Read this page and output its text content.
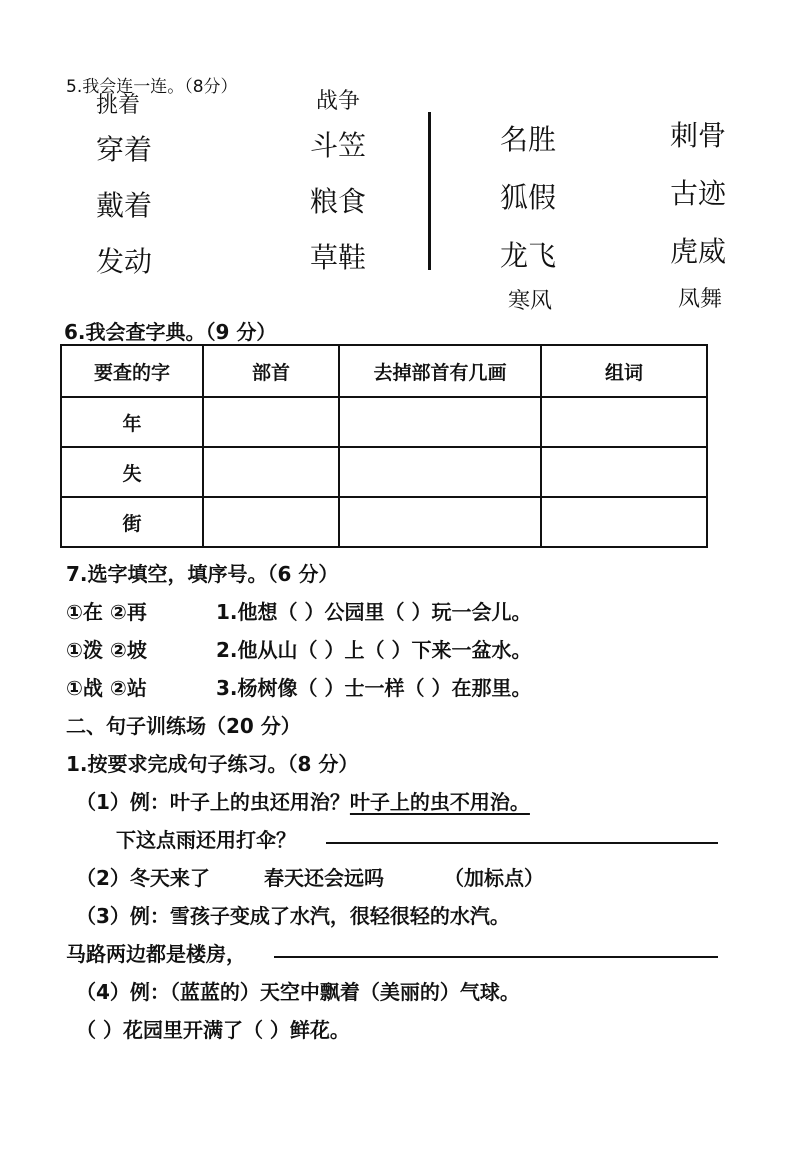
5.我会连一连。（8分）
挑着
穿着
戴着
发动
战争
斗笠
粮食
草鞋
名胜
狐假
龙飞
寒风
刺骨
古迹
虎威
凤舞
6.我会查字典。（9 分）
要查的字	部首	去掉部首有几画	组词
年			
失			
街			
7.选字填空，填序号。（6 分）
①在 ②再	1.他想（ ）公园里（ ）玩一会儿。
①泼 ②坡	2.他从山（ ）上（ ）下来一盆水。
①战 ②站	3.杨树像（ ）士一样（ ）在那里。
二、句子训练场（20 分）
1.按要求完成句子练习。（8 分）
（1）例：叶子上的虫还用治？叶子上的虫不用治。
下这点雨还用打伞？
（2）冬天来了	春天还会远吗	（加标点）
（3）例：雪孩子变成了水汽，很轻很轻的水汽。
马路两边都是楼房，
（4）例：（蓝蓝的）天空中飘着（美丽的）气球。
（ ）花园里开满了（ ）鲜花。
